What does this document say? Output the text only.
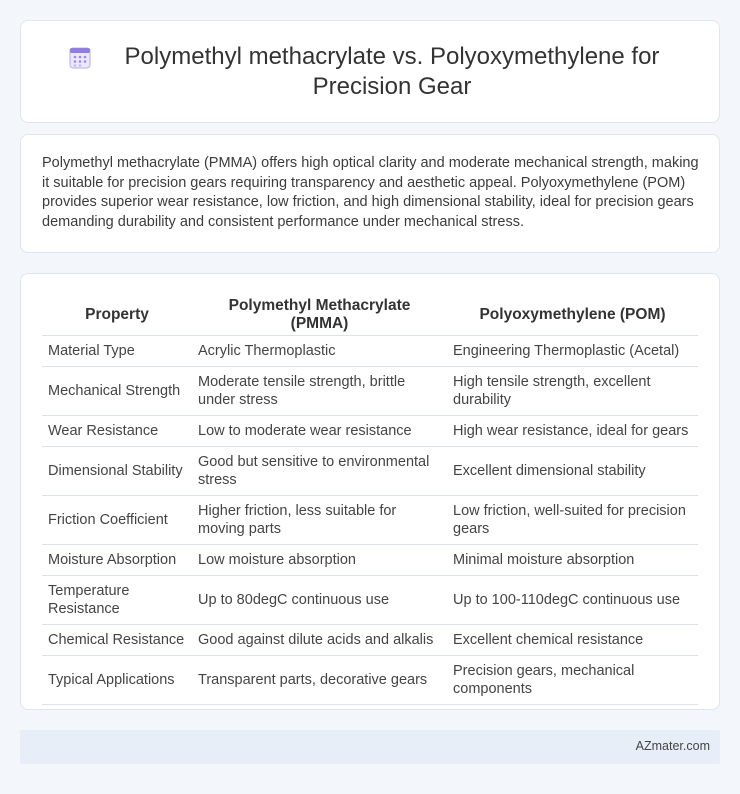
Polymethyl methacrylate vs. Polyoxymethylene for Precision Gear

Polymethyl methacrylate (PMMA) offers high optical clarity and moderate mechanical strength, making it suitable for precision gears requiring transparency and aesthetic appeal. Polyoxymethylene (POM) provides superior wear resistance, low friction, and high dimensional stability, ideal for precision gears demanding durability and consistent performance under mechanical stress.

Property	Polymethyl Methacrylate (PMMA)	Polyoxymethylene (POM)
Material Type	Acrylic Thermoplastic	Engineering Thermoplastic (Acetal)
Mechanical Strength	Moderate tensile strength, brittle under stress	High tensile strength, excellent durability
Wear Resistance	Low to moderate wear resistance	High wear resistance, ideal for gears
Dimensional Stability	Good but sensitive to environmental stress	Excellent dimensional stability
Friction Coefficient	Higher friction, less suitable for moving parts	Low friction, well-suited for precision gears
Moisture Absorption	Low moisture absorption	Minimal moisture absorption
Temperature Resistance	Up to 80degC continuous use	Up to 100-110degC continuous use
Chemical Resistance	Good against dilute acids and alkalis	Excellent chemical resistance
Typical Applications	Transparent parts, decorative gears	Precision gears, mechanical components
AZmater.com
